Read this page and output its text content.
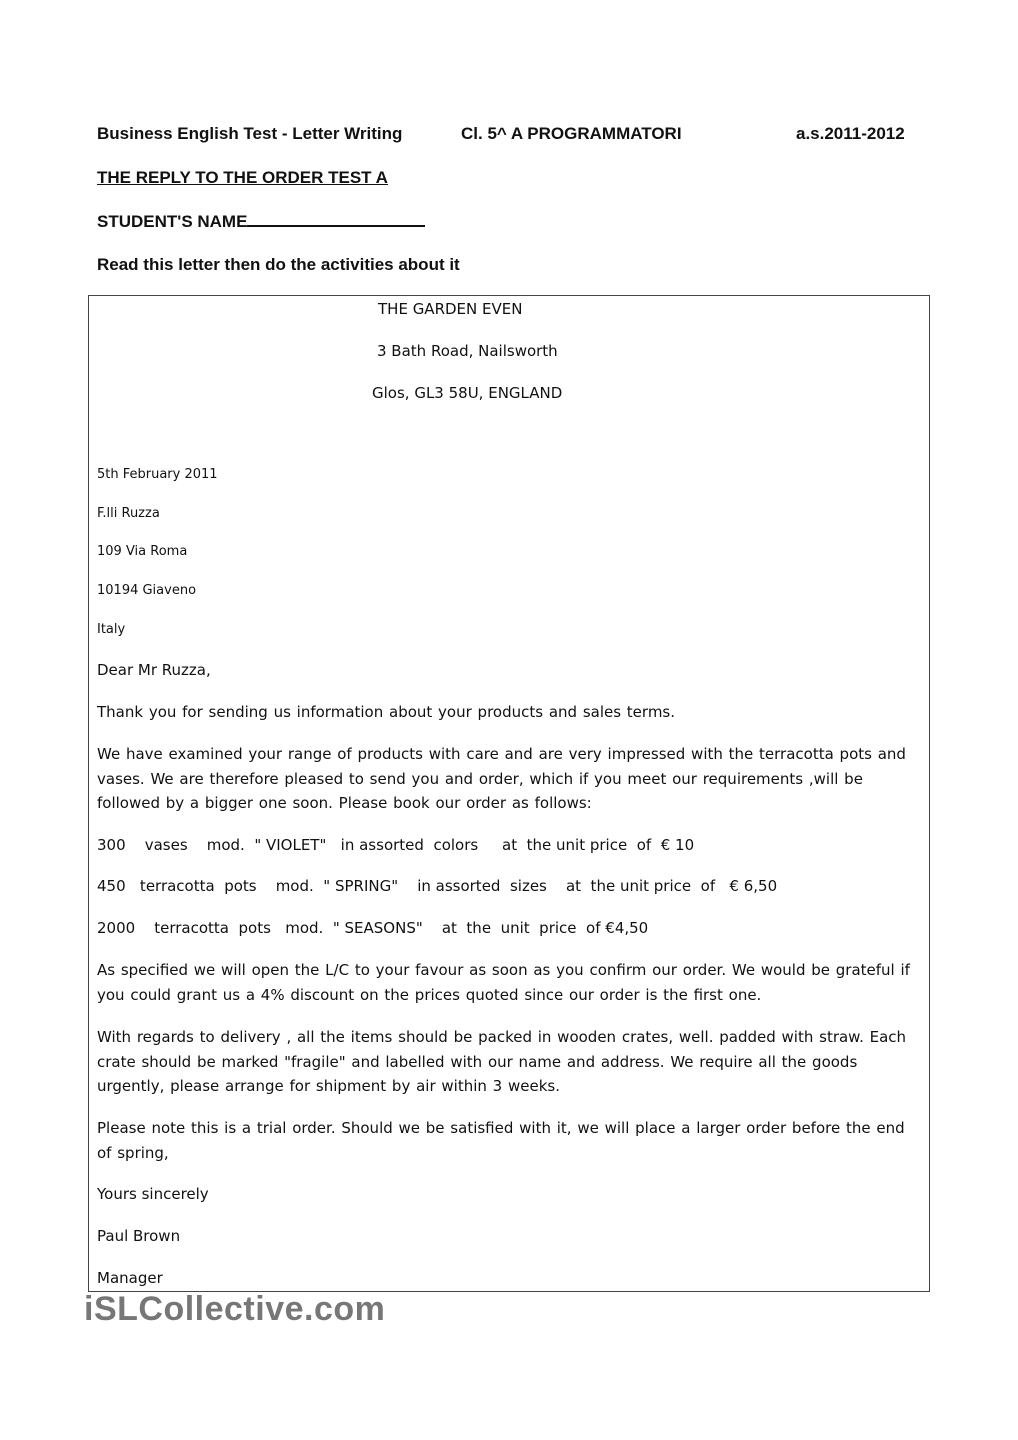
Business English Test - Letter Writing	Cl. 5^ A PROGRAMMATORI	a.s.2011-2012
THE REPLY TO THE ORDER TEST A
STUDENT'S NAME
Read this letter then do the activities about it
THE GARDEN EVEN
3 Bath Road, Nailsworth
Glos, GL3 58U, ENGLAND
5th February 2011
F.lli Ruzza
109 Via Roma
10194 Giaveno
Italy
Dear Mr Ruzza,
Thank you for sending us information about your products and sales terms.
We have examined your range of products with care and are very impressed with the terracotta pots and vases. We are therefore pleased to send you and order, which if you meet our requirements ,will be followed by a bigger one soon. Please book our order as follows:
300    vases    mod.  " VIOLET"   in assorted  colors     at  the unit price  of  € 10
450   terracotta  pots    mod.  " SPRING"    in assorted  sizes    at  the unit price  of   € 6,50
2000    terracotta  pots   mod.  " SEASONS"    at  the  unit  price  of €4,50
As specified we will open the L/C to your favour as soon as you confirm our order. We would be grateful if you could grant us a 4% discount on the prices quoted since our order is the first one.
With regards to delivery , all the items should be packed in wooden crates, well. padded with straw. Each crate should be marked "fragile" and labelled with our name and address. We require all the goods urgently, please arrange for shipment by air within 3 weeks.
Please note this is a trial order. Should we be satisfied with it, we will place a larger order before the end of spring,
Yours sincerely
Paul Brown
Manager
iSLCollective.com
